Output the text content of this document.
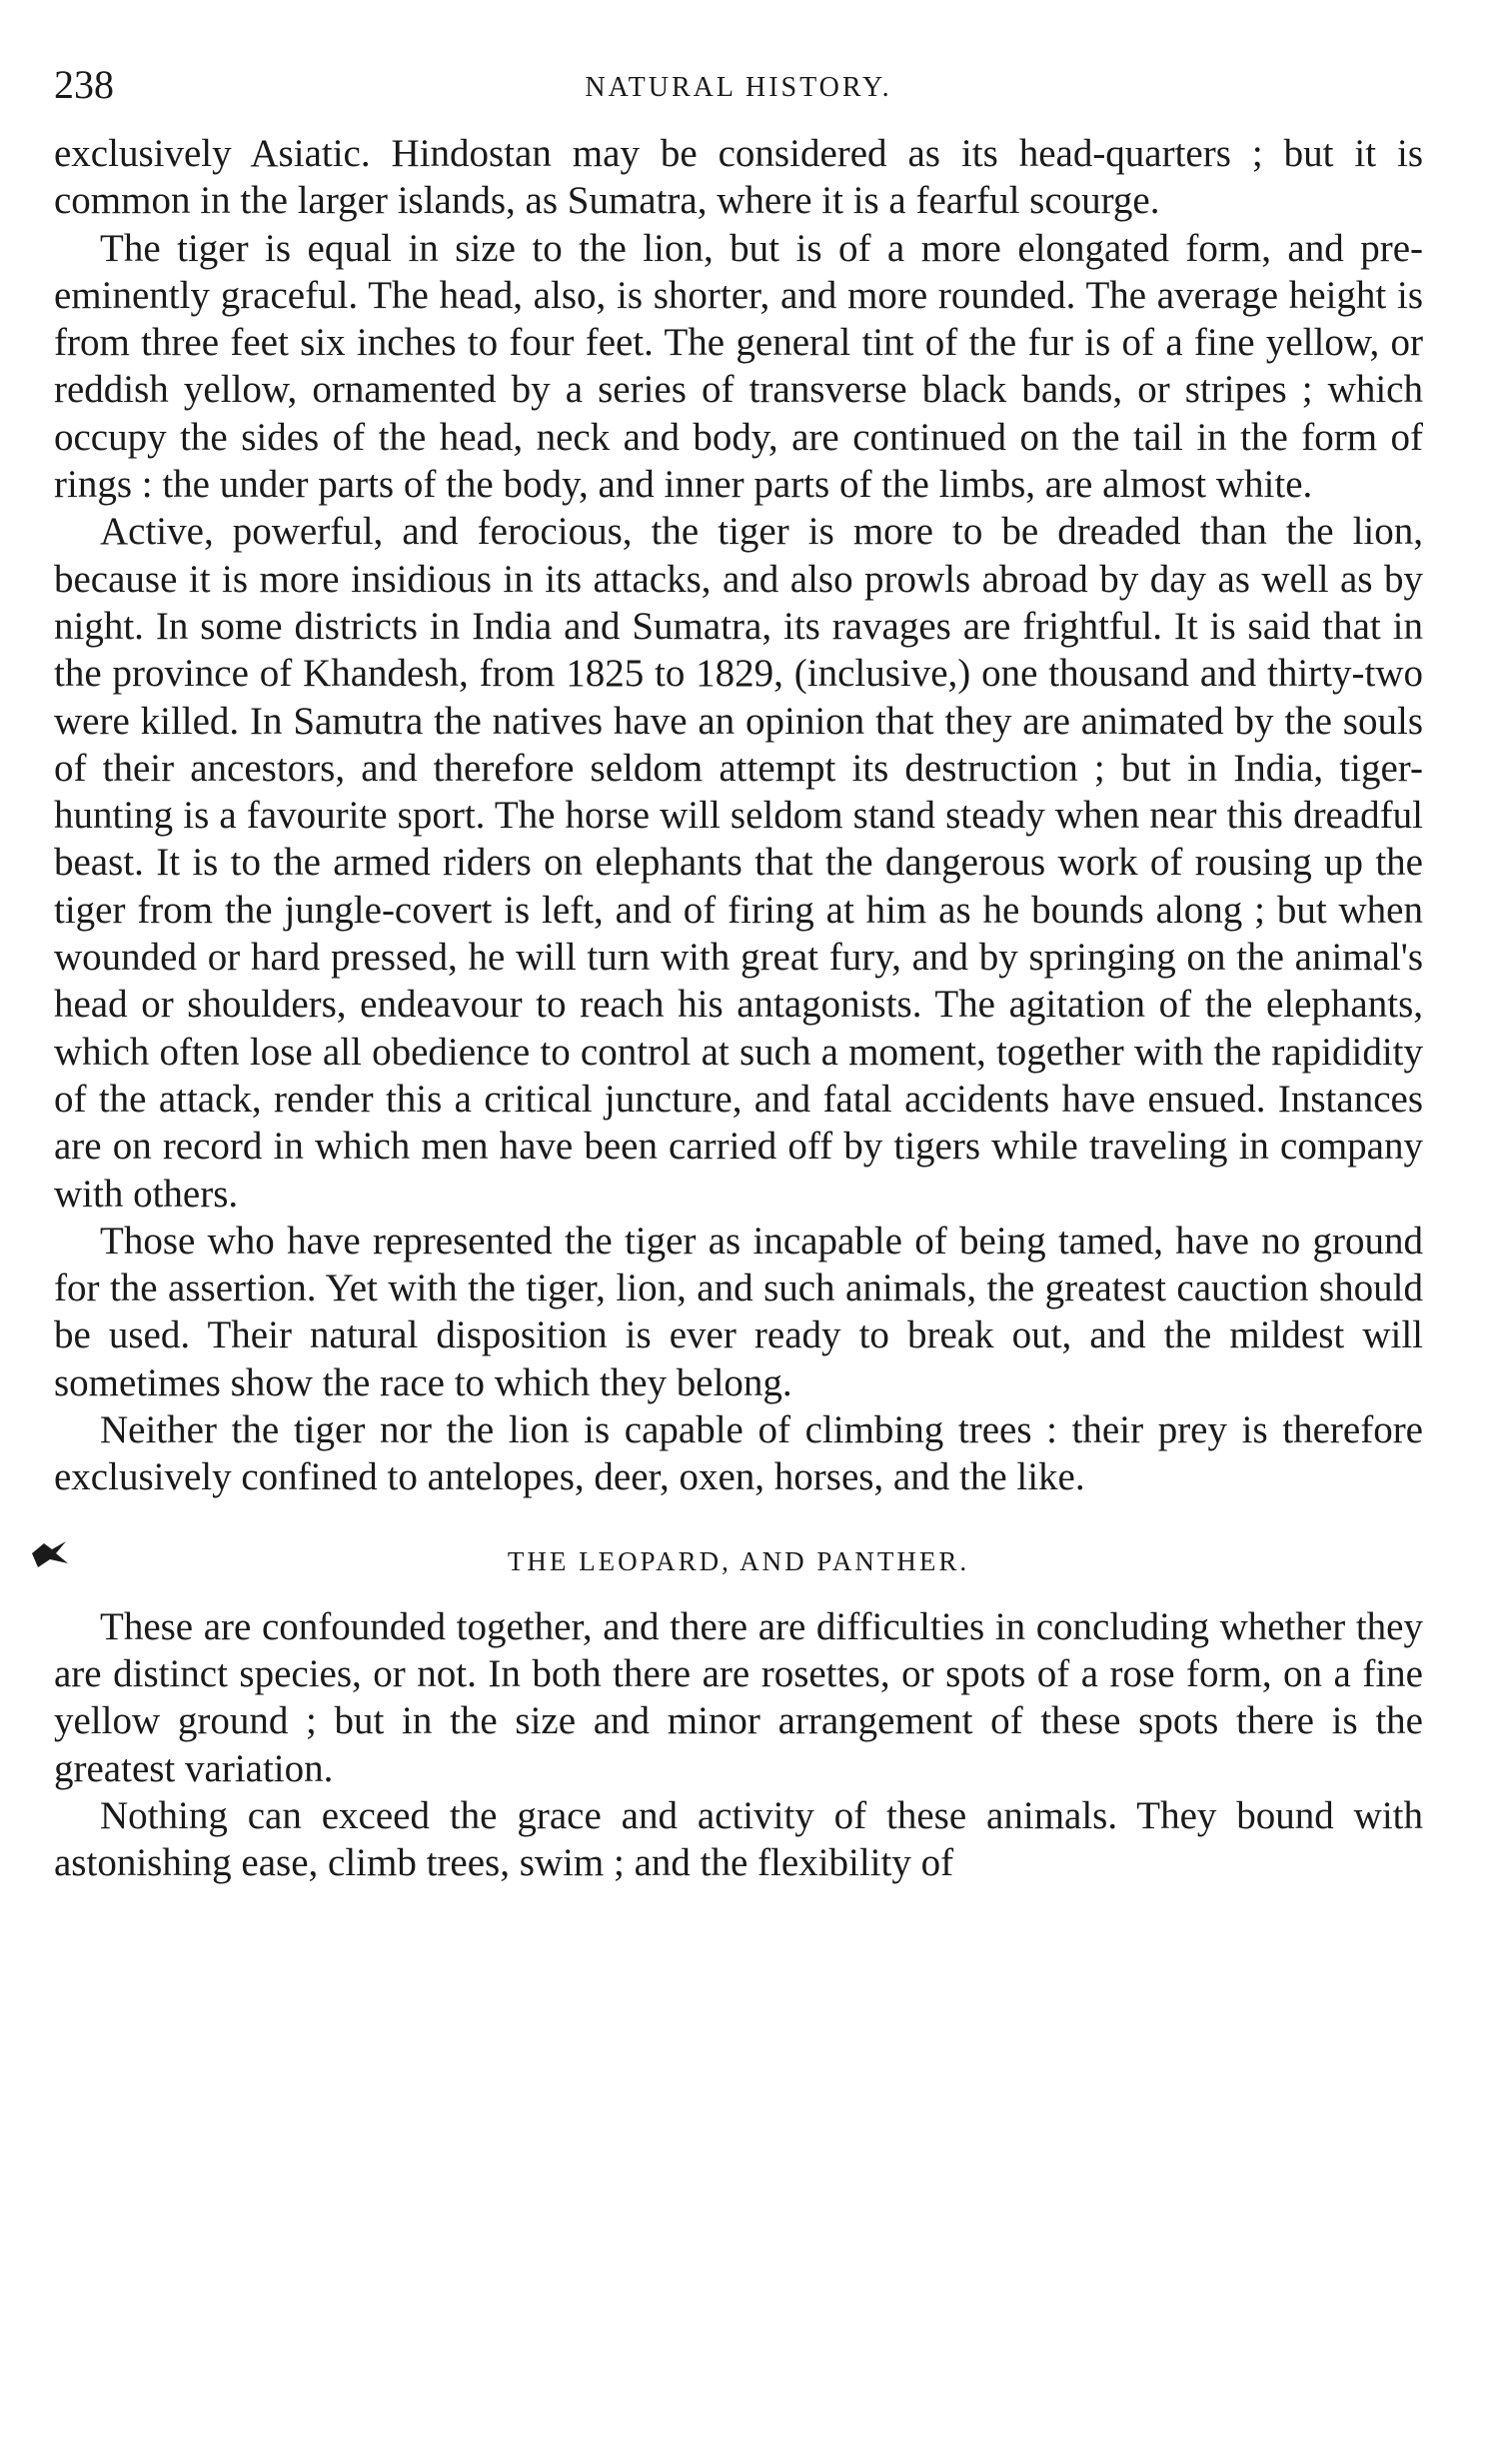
238	NATURAL HISTORY.

exclusively Asiatic. Hindostan may be considered as its head-quarters ; but it is common in the larger islands, as Sumatra, where it is a fearful scourge.

The tiger is equal in size to the lion, but is of a more elongated form, and pre-eminently graceful. The head, also, is shorter, and more rounded. The average height is from three feet six inches to four feet. The general tint of the fur is of a fine yellow, or reddish yellow, ornamented by a series of transverse black bands, or stripes ; which occupy the sides of the head, neck and body, are continued on the tail in the form of rings : the under parts of the body, and inner parts of the limbs, are almost white.

Active, powerful, and ferocious, the tiger is more to be dreaded than the lion, because it is more insidious in its attacks, and also prowls abroad by day as well as by night. In some districts in India and Sumatra, its ravages are frightful. It is said that in the province of Khandesh, from 1825 to 1829, (inclusive,) one thousand and thirty-two were killed. In Samutra the natives have an opinion that they are animated by the souls of their ancestors, and therefore seldom attempt its destruction ; but in India, tiger-hunting is a favourite sport. The horse will seldom stand steady when near this dreadful beast. It is to the armed riders on elephants that the dangerous work of rousing up the tiger from the jungle-covert is left, and of firing at him as he bounds along ; but when wounded or hard pressed, he will turn with great fury, and by springing on the animal's head or shoulders, endeavour to reach his antagonists. The agitation of the elephants, which often lose all obedience to control at such a moment, together with the rapididity of the attack, render this a critical juncture, and fatal accidents have ensued. Instances are on record in which men have been carried off by tigers while traveling in company with others.

Those who have represented the tiger as incapable of being tamed, have no ground for the assertion. Yet with the tiger, lion, and such animals, the greatest cauction should be used. Their natural disposition is ever ready to break out, and the mildest will sometimes show the race to which they belong.

Neither the tiger nor the lion is capable of climbing trees : their prey is therefore exclusively confined to antelopes, deer, oxen, horses, and the like.

THE LEOPARD, AND PANTHER.

These are confounded together, and there are difficulties in concluding whether they are distinct species, or not. In both there are rosettes, or spots of a rose form, on a fine yellow ground ; but in the size and minor arrangement of these spots there is the greatest variation.

Nothing can exceed the grace and activity of these animals. They bound with astonishing ease, climb trees, swim ; and the flexibility of
